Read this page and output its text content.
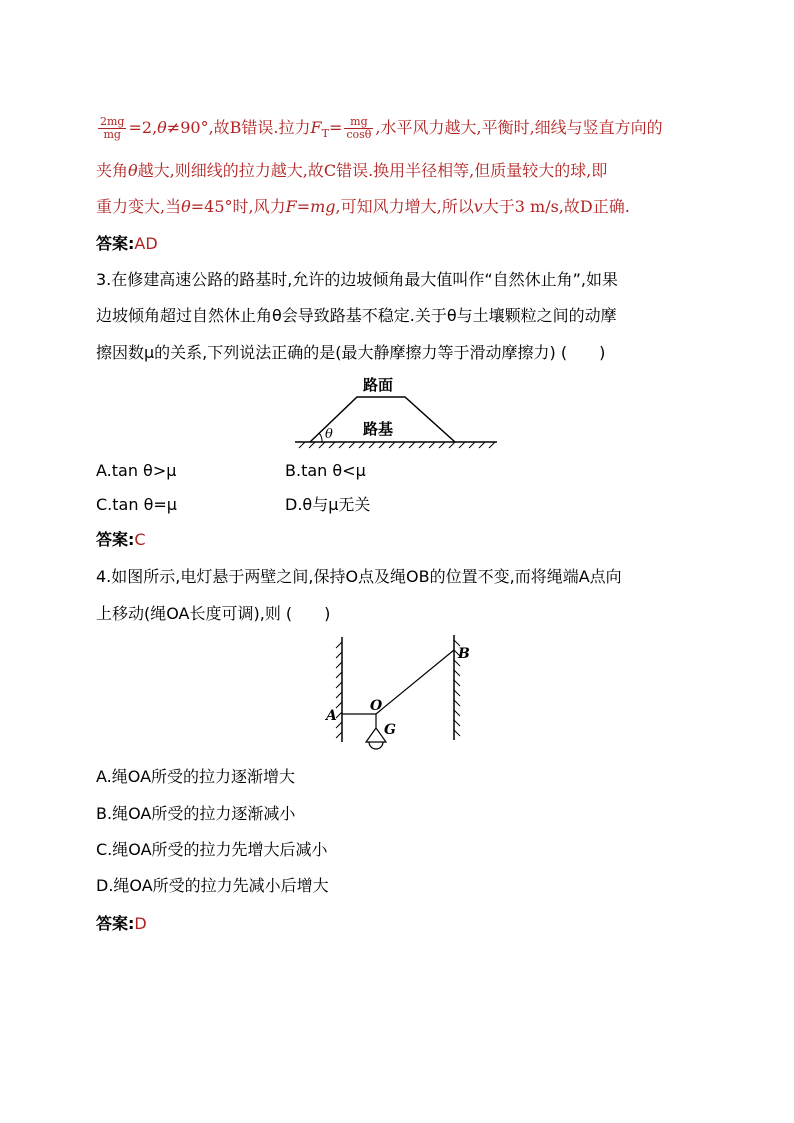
$\frac{2mg}{mg} =2,\theta\ne 90^\circ$,故B错误.拉力$F_T= \frac{mg}{\cos\theta}$ ,水平风力越大,平衡时,细线与竖直方向的
夹角θ越大,则细线的拉力越大,故C错误.换用半径相等,但质量较大的球,即
重力变大,当θ=45°时,风力F=mg,可知风力增大,所以v大于3 m/s,故D正确.
答案:AD
3.在修建高速公路的路基时,允许的边坡倾角最大值叫作“自然休止角”,如果
边坡倾角超过自然休止角θ会导致路基不稳定.关于θ与土壤颗粒之间的动摩
擦因数μ的关系,下列说法正确的是(最大静摩擦力等于滑动摩擦力) (　　)
θ
路面
路基
A.tan θ>μ	B.tan θ<μ
C.tan θ=μ	D.θ与μ无关
答案:C
4.如图所示,电灯悬于两壁之间,保持O点及绳OB的位置不变,而将绳端A点向
上移动(绳OA长度可调),则 (　　)
A
O
B
G
A.绳OA所受的拉力逐渐增大
B.绳OA所受的拉力逐渐减小
C.绳OA所受的拉力先增大后减小
D.绳OA所受的拉力先减小后增大
答案:D
